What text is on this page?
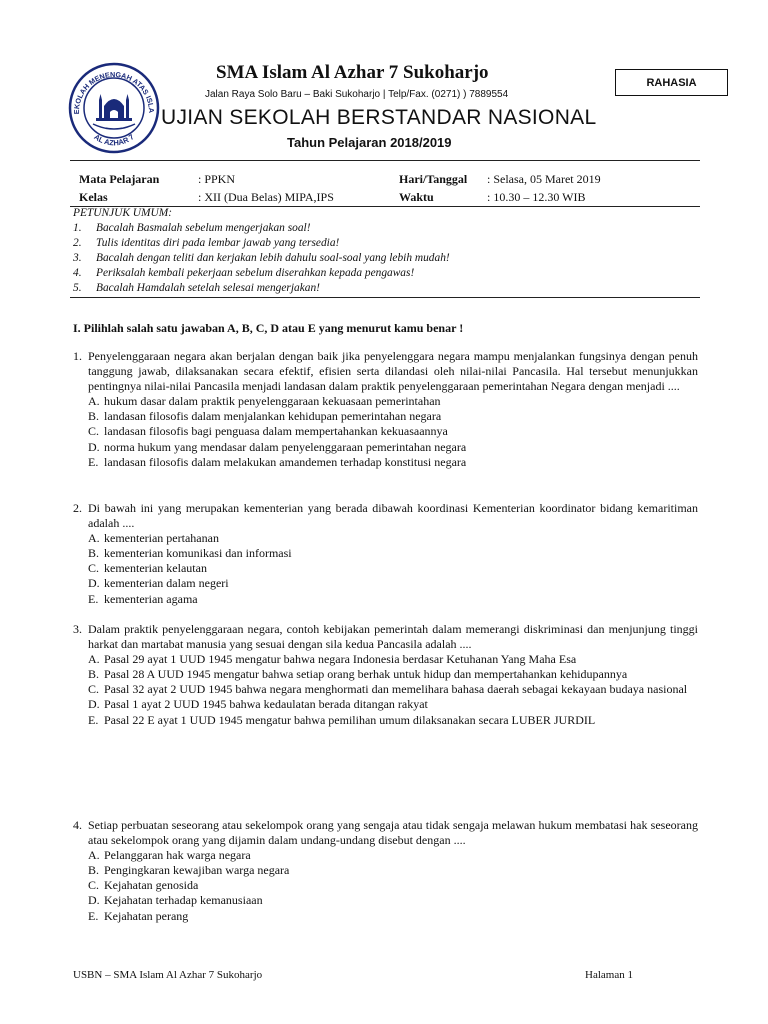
EKOLAH MENENGAH ATAS ISLA
AL AZHAR 7
SMA Islam Al Azhar 7 Sukoharjo
Jalan Raya Solo Baru – Baki Sukoharjo | Telp/Fax. (0271) ) 7889554
UJIAN SEKOLAH BERSTANDAR NASIONAL
Tahun Pelajaran 2018/2019
RAHASIA
Mata Pelajaran	: PPKN	Hari/Tanggal : Selasa, 05 Maret 2019
Kelas	: XII (Dua Belas) MIPA,IPS	Waktu	: 10.30 – 12.30 WIB
PETUNJUK UMUM:
1.	Bacalah Basmalah sebelum mengerjakan soal!
2.	Tulis identitas diri pada lembar jawab yang tersedia!
3.	Bacalah dengan teliti dan kerjakan lebih dahulu soal-soal yang lebih mudah!
4.	Periksalah kembali pekerjaan sebelum diserahkan kepada pengawas!
5.	Bacalah Hamdalah setelah selesai mengerjakan!
I. Pilihlah salah satu jawaban A, B, C, D atau E yang menurut kamu benar !
1. Penyelenggaraan negara akan berjalan dengan baik jika penyelenggara negara mampu menjalankan fungsinya dengan penuh tanggung jawab, dilaksanakan secara efektif, efisien serta dilandasi oleh nilai-nilai Pancasila. Hal tersebut menunjukkan pentingnya nilai-nilai Pancasila menjadi landasan dalam praktik penyelenggaraan pemerintahan Negara dengan menjadi ....
A. hukum dasar dalam praktik penyelenggaraan kekuasaan pemerintahan
B. landasan filosofis dalam menjalankan kehidupan pemerintahan negara
C. landasan filosofis bagi penguasa dalam mempertahankan kekuasaannya
D. norma hukum yang mendasar dalam penyelenggaraan pemerintahan negara
E. landasan filosofis dalam melakukan amandemen terhadap konstitusi negara
2. Di bawah ini yang merupakan kementerian yang berada dibawah koordinasi Kementerian koordinator bidang kemaritiman adalah ....
A. kementerian pertahanan
B. kementerian komunikasi dan informasi
C. kementerian kelautan
D. kementerian dalam negeri
E. kementerian agama
3. Dalam praktik penyelenggaraan negara, contoh kebijakan pemerintah dalam memerangi diskriminasi dan menjunjung tinggi harkat dan martabat manusia yang sesuai dengan sila kedua Pancasila adalah ....
A. Pasal 29 ayat 1 UUD 1945 mengatur bahwa negara Indonesia berdasar Ketuhanan Yang Maha Esa
B. Pasal 28 A UUD 1945 mengatur bahwa setiap orang berhak untuk hidup dan mempertahankan kehidupannya
C. Pasal 32 ayat 2 UUD 1945 bahwa negara menghormati dan memelihara bahasa daerah sebagai kekayaan budaya nasional
D. Pasal 1 ayat 2 UUD 1945 bahwa kedaulatan berada ditangan rakyat
E. Pasal 22 E ayat 1 UUD 1945 mengatur bahwa pemilihan umum dilaksanakan secara LUBER JURDIL
4. Setiap perbuatan seseorang atau sekelompok orang yang sengaja atau tidak sengaja melawan hukum membatasi hak seseorang atau sekelompok orang yang dijamin dalam undang-undang disebut dengan ....
A. Pelanggaran hak warga negara
B. Pengingkaran kewajiban warga negara
C. Kejahatan genosida
D. Kejahatan terhadap kemanusiaan
E. Kejahatan perang
USBN – SMA Islam Al Azhar 7 Sukoharjo	Halaman 1
